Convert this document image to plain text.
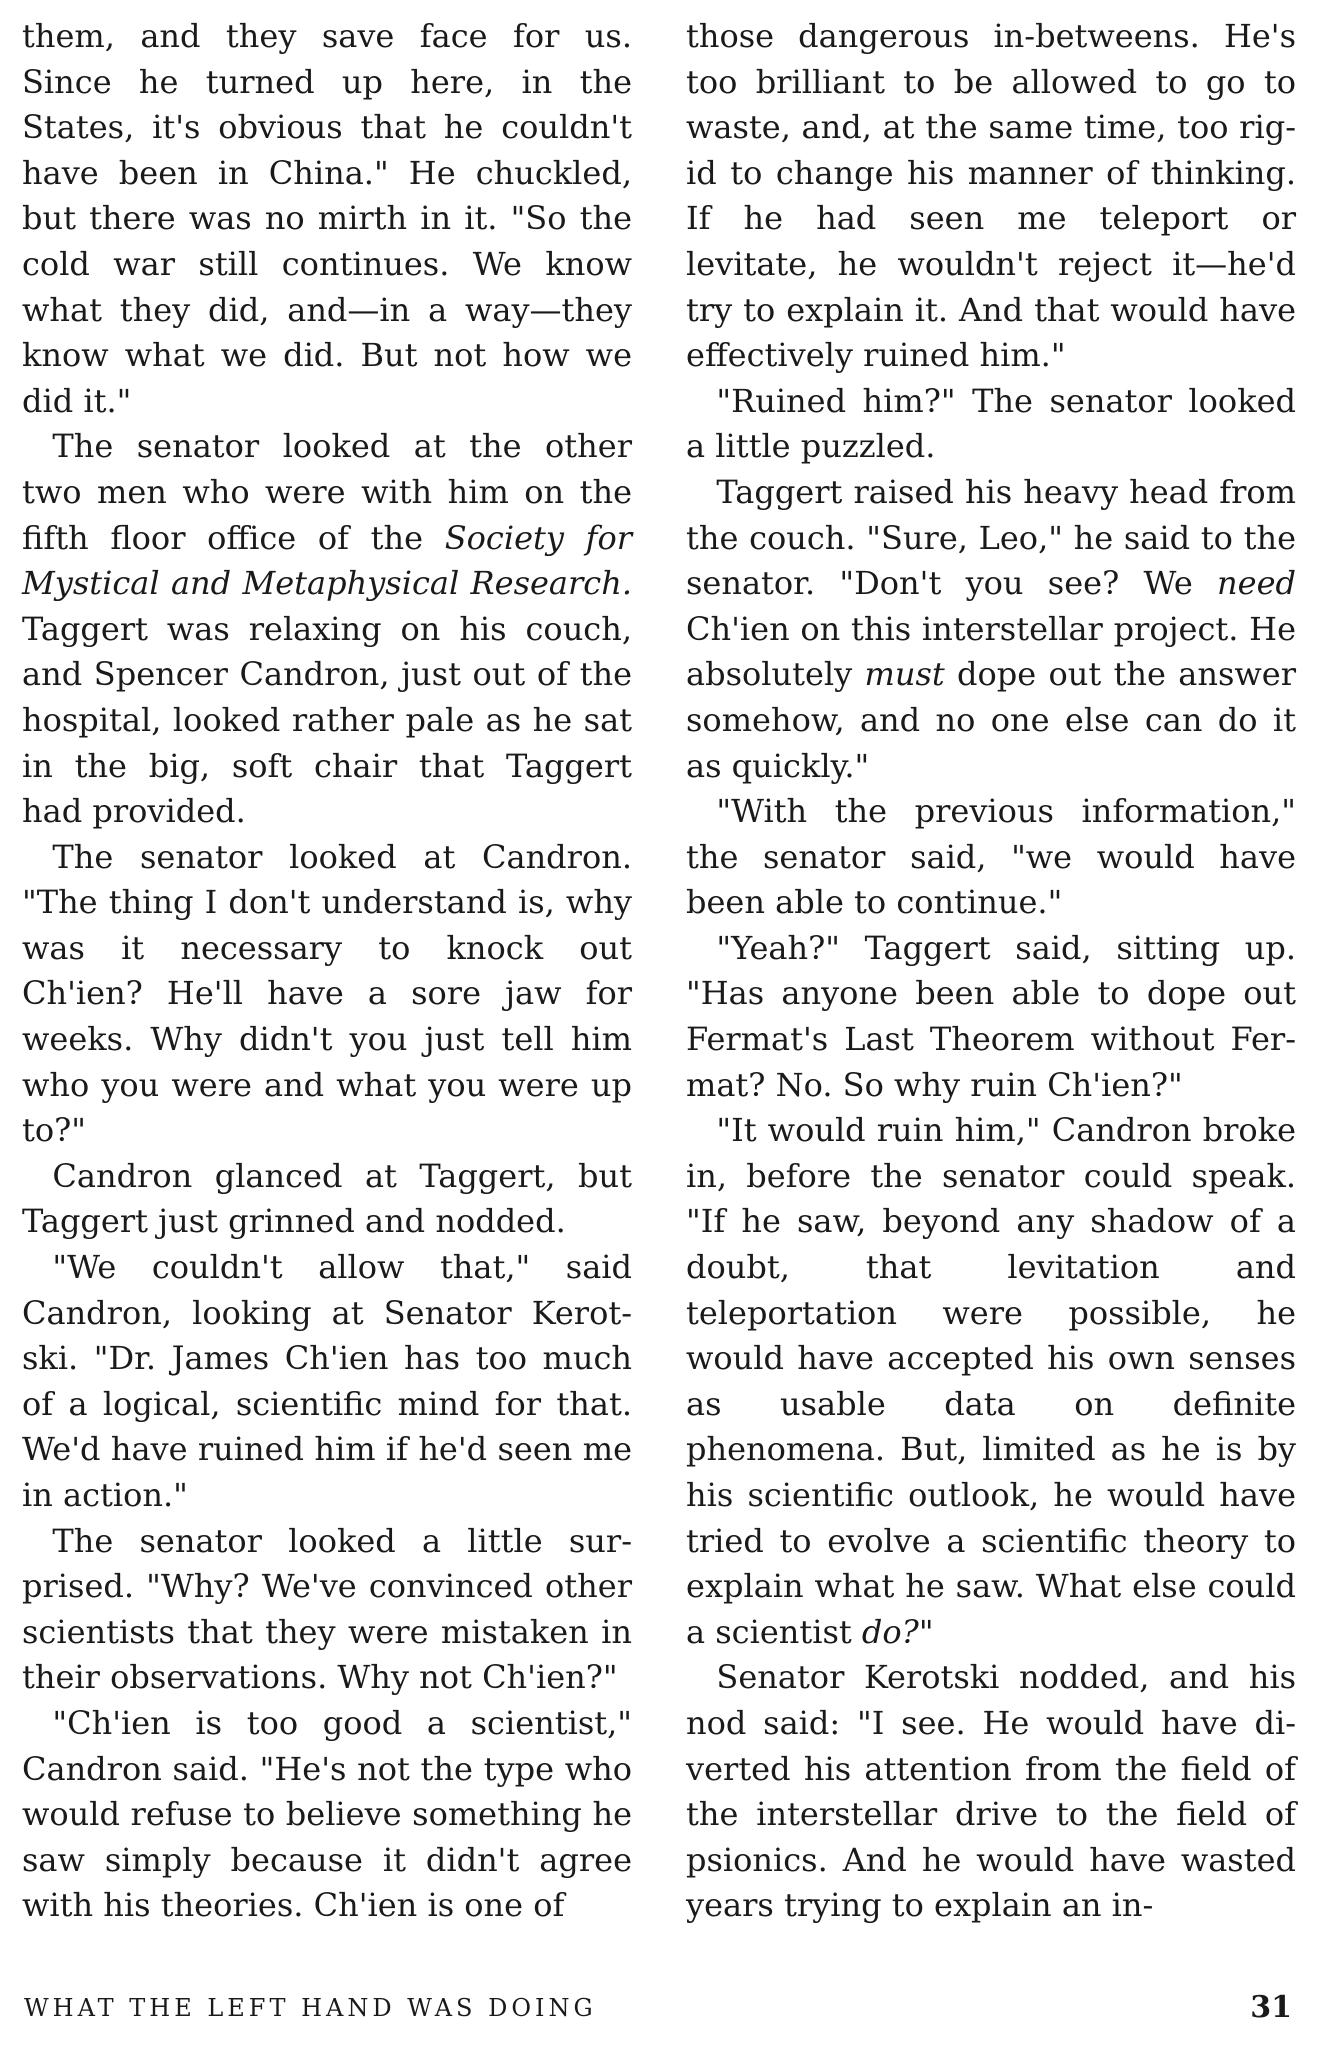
them, and they save face for us. Since he turned up here, in the States, it's obvious that he couldn't have been in China." He chuckled, but there was no mirth in it. "So the cold war still continues. We know what they did, and—in a way—they know what we did. But not how we did it."

The senator looked at the other two men who were with him on the fifth floor office of the Society for Mystical and Metaphysical Research. Taggert was relaxing on his couch, and Spencer Candron, just out of the hospital, looked rather pale as he sat in the big, soft chair that Taggert had provided.

The senator looked at Candron. "The thing I don't understand is, why was it necessary to knock out Ch'ien? He'll have a sore jaw for weeks. Why didn't you just tell him who you were and what you were up to?"

Candron glanced at Taggert, but Taggert just grinned and nodded.

"We couldn't allow that," said Candron, looking at Senator Kerotski. "Dr. James Ch'ien has too much of a logical, scientific mind for that. We'd have ruined him if he'd seen me in action."

The senator looked a little surprised. "Why? We've convinced other scientists that they were mistaken in their observations. Why not Ch'ien?"

"Ch'ien is too good a scientist," Candron said. "He's not the type who would refuse to believe something he saw simply because it didn't agree with his theories. Ch'ien is one of

those dangerous in-betweens. He's too brilliant to be allowed to go to waste, and, at the same time, too rigid to change his manner of thinking. If he had seen me teleport or levitate, he wouldn't reject it—he'd try to explain it. And that would have effectively ruined him."

"Ruined him?" The senator looked a little puzzled.

Taggert raised his heavy head from the couch. "Sure, Leo," he said to the senator. "Don't you see? We need Ch'ien on this interstellar project. He absolutely must dope out the answer somehow, and no one else can do it as quickly."

"With the previous information," the senator said, "we would have been able to continue."

"Yeah?" Taggert said, sitting up. "Has anyone been able to dope out Fermat's Last Theorem without Fermat? No. So why ruin Ch'ien?"

"It would ruin him," Candron broke in, before the senator could speak. "If he saw, beyond any shadow of a doubt, that levitation and teleportation were possible, he would have accepted his own senses as usable data on definite phenomena. But, limited as he is by his scientific outlook, he would have tried to evolve a scientific theory to explain what he saw. What else could a scientist do?"

Senator Kerotski nodded, and his nod said: "I see. He would have diverted his attention from the field of the interstellar drive to the field of psionics. And he would have wasted years trying to explain an in-

WHAT THE LEFT HAND WAS DOING	31
